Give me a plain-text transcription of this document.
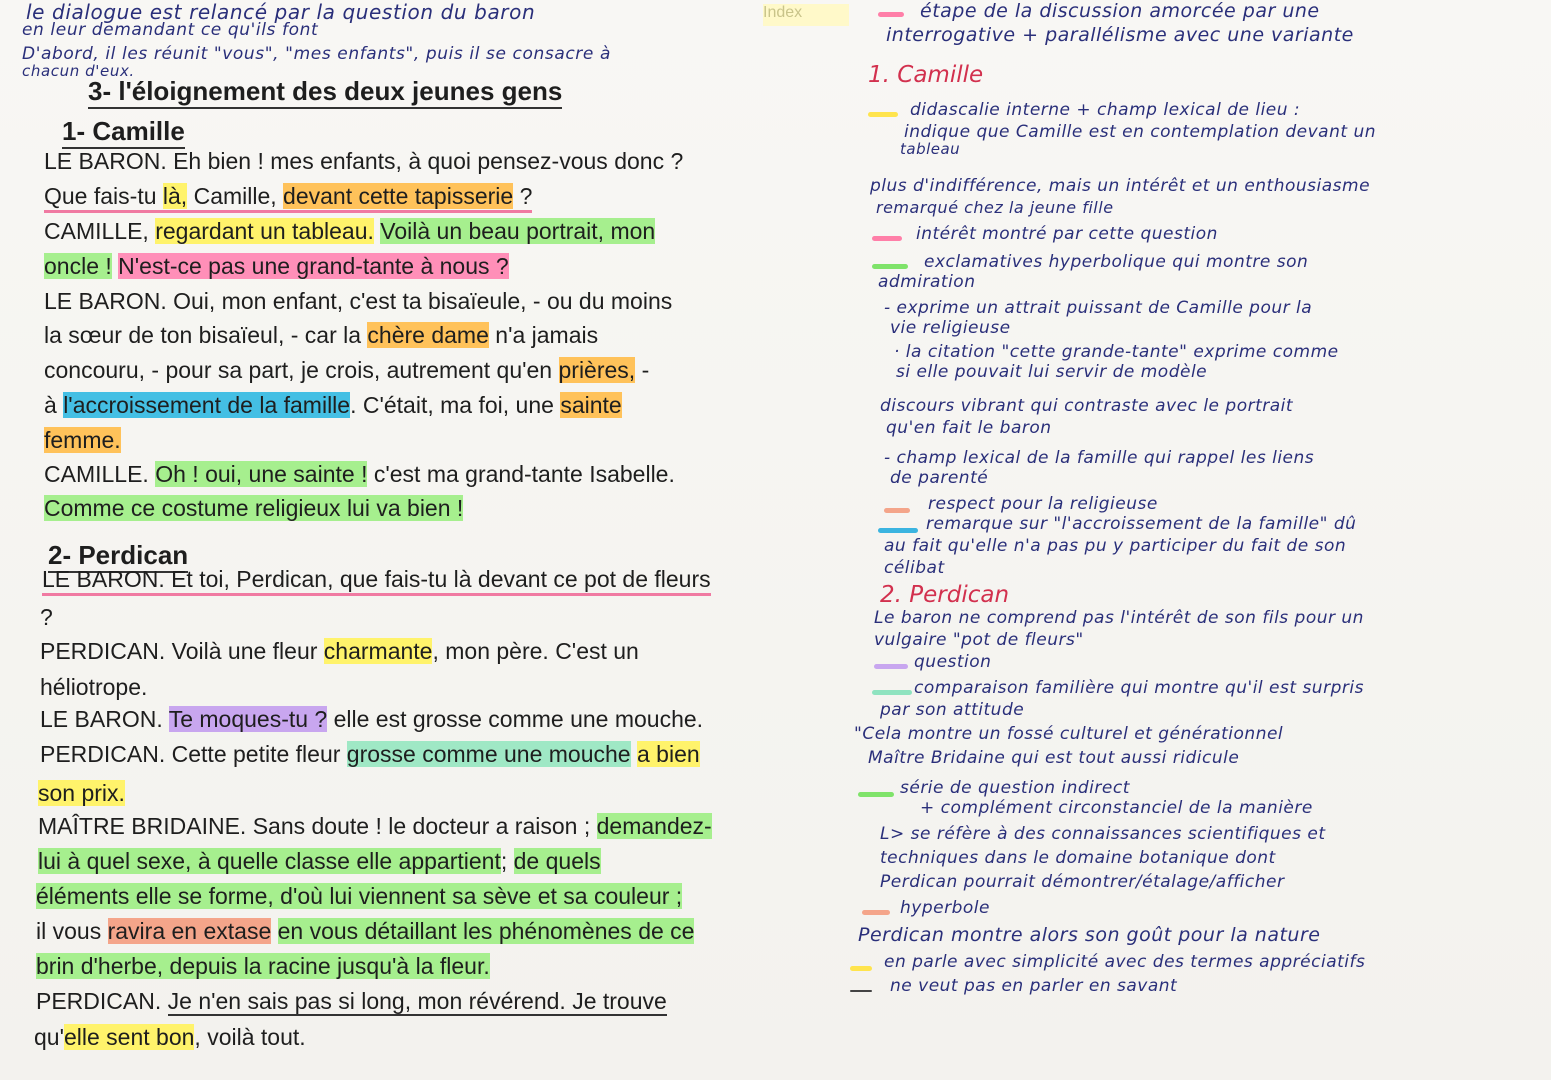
Index
le dialogue est relancé par la question du baron
en leur demandant ce qu'ils font
D'abord, il les réunit "vous", "mes enfants", puis il se consacre à
chacun d'eux.
3- l'éloignement des deux jeunes gens
1- Camille
LE BARON. Eh bien ! mes enfants, à quoi pensez-vous donc ?
Que fais-tu là, Camille, devant cette tapisserie ?
CAMILLE, regardant un tableau. Voilà un beau portrait, mon
oncle ! N'est-ce pas une grand-tante à nous ?
LE BARON. Oui, mon enfant, c'est ta bisaïeule, - ou du moins
la sœur de ton bisaïeul, - car la chère dame n'a jamais
concouru, - pour sa part, je crois, autrement qu'en prières, -
à l'accroissement de la famille. C'était, ma foi, une sainte
femme.
CAMILLE. Oh ! oui, une sainte ! c'est ma grand-tante Isabelle.
Comme ce costume religieux lui va bien !
2- Perdican
LE BARON. Et toi, Perdican, que fais-tu là devant ce pot de fleurs
?
PERDICAN. Voilà une fleur charmante, mon père. C'est un
héliotrope.
LE BARON. Te moques-tu ? elle est grosse comme une mouche.
PERDICAN. Cette petite fleur grosse comme une mouche a bien
son prix.
MAÎTRE BRIDAINE. Sans doute ! le docteur a raison ; demandez-
lui à quel sexe, à quelle classe elle appartient; de quels
éléments elle se forme, d'où lui viennent sa sève et sa couleur ;
il vous ravira en extase en vous détaillant les phénomènes de ce
brin d'herbe, depuis la racine jusqu'à la fleur.
PERDICAN. Je n'en sais pas si long, mon révérend. Je trouve
qu'elle sent bon, voilà tout.
étape de la discussion amorcée par une
interrogative + parallélisme avec une variante
1. Camille
didascalie interne + champ lexical de lieu :
indique que Camille est en contemplation devant un
tableau
plus d'indifférence, mais un intérêt et un enthousiasme
remarqué chez la jeune fille
intérêt montré par cette question
exclamatives hyperbolique qui montre son
admiration
- exprime un attrait puissant de Camille pour la
vie religieuse
· la citation "cette grande-tante" exprime comme
si elle pouvait lui servir de modèle
discours vibrant qui contraste avec le portrait
qu'en fait le baron
- champ lexical de la famille qui rappel les liens
de parenté
respect pour la religieuse
remarque sur "l'accroissement de la famille" dû
au fait qu'elle n'a pas pu y participer du fait de son
célibat
2. Perdican
Le baron ne comprend pas l'intérêt de son fils pour un
vulgaire "pot de fleurs"
question
comparaison familière qui montre qu'il est surpris
par son attitude
"Cela montre un fossé culturel et générationnel
Maître Bridaine qui est tout aussi ridicule
série de question indirect
+ complément circonstanciel de la manière
L> se réfère à des connaissances scientifiques et
techniques dans le domaine botanique dont
Perdican pourrait démontrer/étalage/afficher
hyperbole
Perdican montre alors son goût pour la nature
en parle avec simplicité avec des termes appréciatifs
ne veut pas en parler en savant
